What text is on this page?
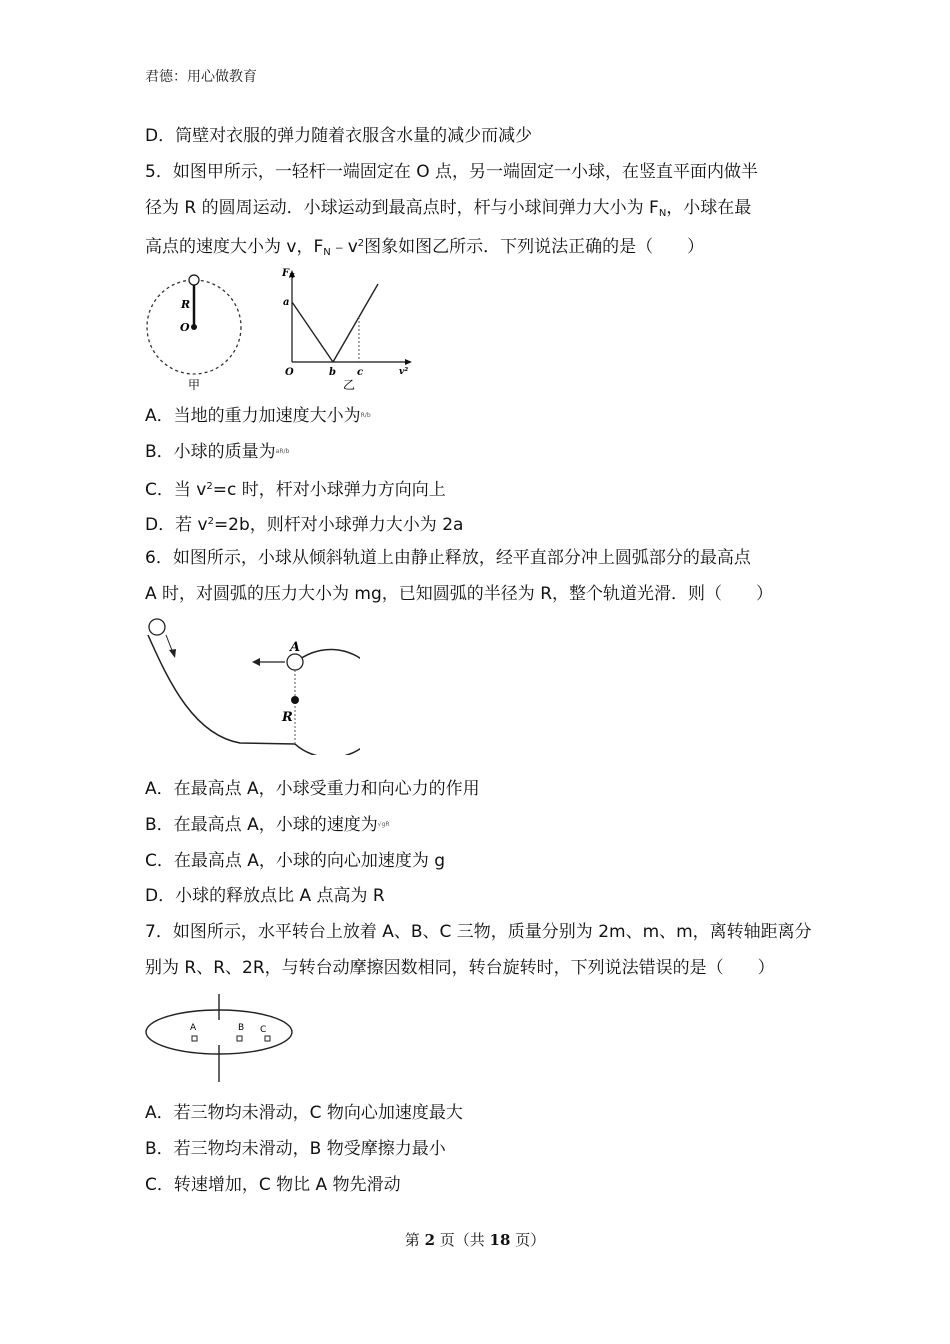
君德：用心做教育
D．筒壁对衣服的弹力随着衣服含水量的减少而减少
5．如图甲所示，一轻杆一端固定在 O 点，另一端固定一小球，在竖直平面内做半
径为 R 的圆周运动．小球运动到最高点时，杆与小球间弹力大小为 $F_N$，小球在最
高点的速度大小为 v，$F_N﹣v^2$图象如图乙所示．下列说法正确的是（　　）
R
O
甲
$F_N$
a
O	b c	v²
乙
A．当地的重力加速度大小为$^{R/b}$
B．小球的质量为$^{aR/b}$
C．当 $v^2=c$ 时，杆对小球弹力方向向上
D．若 $v^2=2b$，则杆对小球弹力大小为 2a
6．如图所示，小球从倾斜轨道上由静止释放，经平直部分冲上圆弧部分的最高点
A 时，对圆弧的压力大小为 mg，已知圆弧的半径为 R，整个轨道光滑．则（　　）
A
R
A．在最高点 A，小球受重力和向心力的作用
B．在最高点 A，小球的速度为$^{√gR}$
C．在最高点 A，小球的向心加速度为 g
D．小球的释放点比 A 点高为 R
7．如图所示，水平转台上放着 A、B、C 三物，质量分别为 2m、m、m，离转轴距离分
别为 R、R、2R，与转台动摩擦因数相同，转台旋转时，下列说法错误的是（　　）
A	B C
A．若三物均未滑动，C 物向心加速度最大
B．若三物均未滑动，B 物受摩擦力最小
C．转速增加，C 物比 A 物先滑动
第 2 页（共 18 页）
